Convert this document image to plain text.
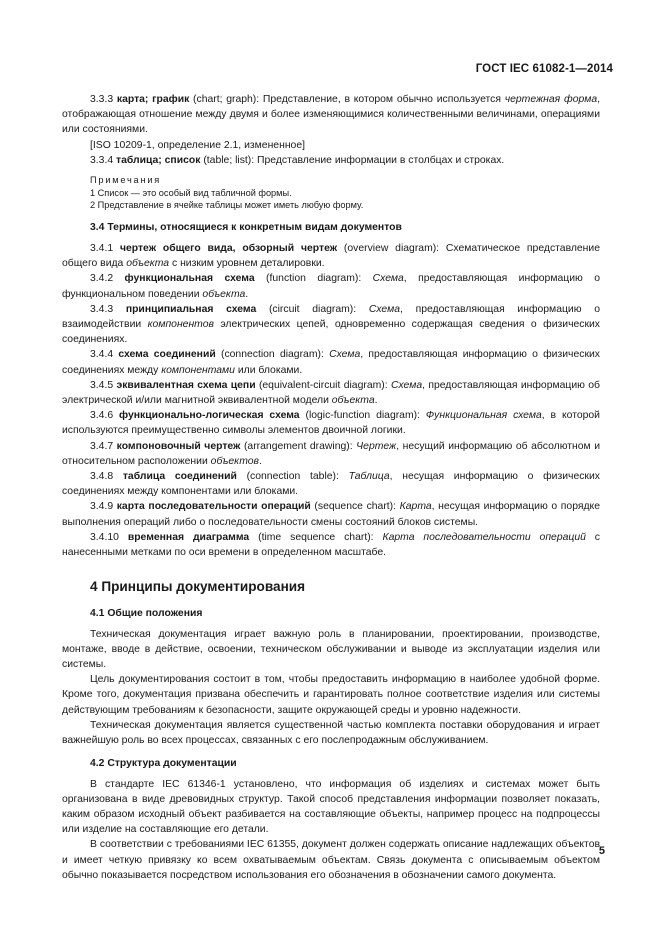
ГОСТ IEC 61082-1—2014

3.3.3 карта; график (chart; graph): Представление, в котором обычно используется чертежная форма, отображающая отношение между двумя и более изменяющимися количественными величинами, операциями или состояниями.

[ISO 10209-1, определение 2.1, измененное]

3.3.4 таблица; список (table; list): Представление информации в столбцах и строках.

Примечания
1 Список — это особый вид табличной формы.
2 Представление в ячейке таблицы может иметь любую форму.
3.4 Термины, относящиеся к конкретным видам документов

3.4.1 чертеж общего вида, обзорный чертеж (overview diagram): Схематическое представление общего вида объекта с низким уровнем деталировки.

3.4.2 функциональная схема (function diagram): Схема, предоставляющая информацию о функциональном поведении объекта.

3.4.3 принципиальная схема (circuit diagram): Схема, предоставляющая информацию о взаимодействии компонентов электрических цепей, одновременно содержащая сведения о физических соединениях.

3.4.4 схема соединений (connection diagram): Схема, предоставляющая информацию о физических соединениях между компонентами или блоками.

3.4.5 эквивалентная схема цепи (equivalent-circuit diagram): Схема, предоставляющая информацию об электрической и/или магнитной эквивалентной модели объекта.

3.4.6 функционально-логическая схема (logic-function diagram): Функциональная схема, в которой используются преимущественно символы элементов двоичной логики.

3.4.7 компоновочный чертеж (arrangement drawing): Чертеж, несущий информацию об абсолютном и относительном расположении объектов.

3.4.8 таблица соединений (connection table): Таблица, несущая информацию о физических соединениях между компонентами или блоками.

3.4.9 карта последовательности операций (sequence chart): Карта, несущая информацию о порядке выполнения операций либо о последовательности смены состояний блоков системы.

3.4.10 временная диаграмма (time sequence chart): Карта последовательности операций с нанесенными метками по оси времени в определенном масштабе.

4 Принципы документирования
4.1 Общие положения

Техническая документация играет важную роль в планировании, проектировании, производстве, монтаже, вводе в действие, освоении, техническом обслуживании и выводе из эксплуатации изделия или системы.

Цель документирования состоит в том, чтобы предоставить информацию в наиболее удобной форме. Кроме того, документация призвана обеспечить и гарантировать полное соответствие изделия или системы действующим требованиям к безопасности, защите окружающей среды и уровню надежности.

Техническая документация является существенной частью комплекта поставки оборудования и играет важнейшую роль во всех процессах, связанных с его послепродажным обслуживанием.

4.2 Структура документации

В стандарте IEC 61346-1 установлено, что информация об изделиях и системах может быть организована в виде древовидных структур. Такой способ представления информации позволяет показать, каким образом исходный объект разбивается на составляющие объекты, например процесс на подпроцессы или изделие на составляющие его детали.

В соответствии с требованиями IEC 61355, документ должен содержать описание надлежащих объектов и имеет четкую привязку ко всем охватываемым объектам. Связь документа с описываемым объектом обычно показывается посредством использования его обозначения в обозначении самого документа.

5
